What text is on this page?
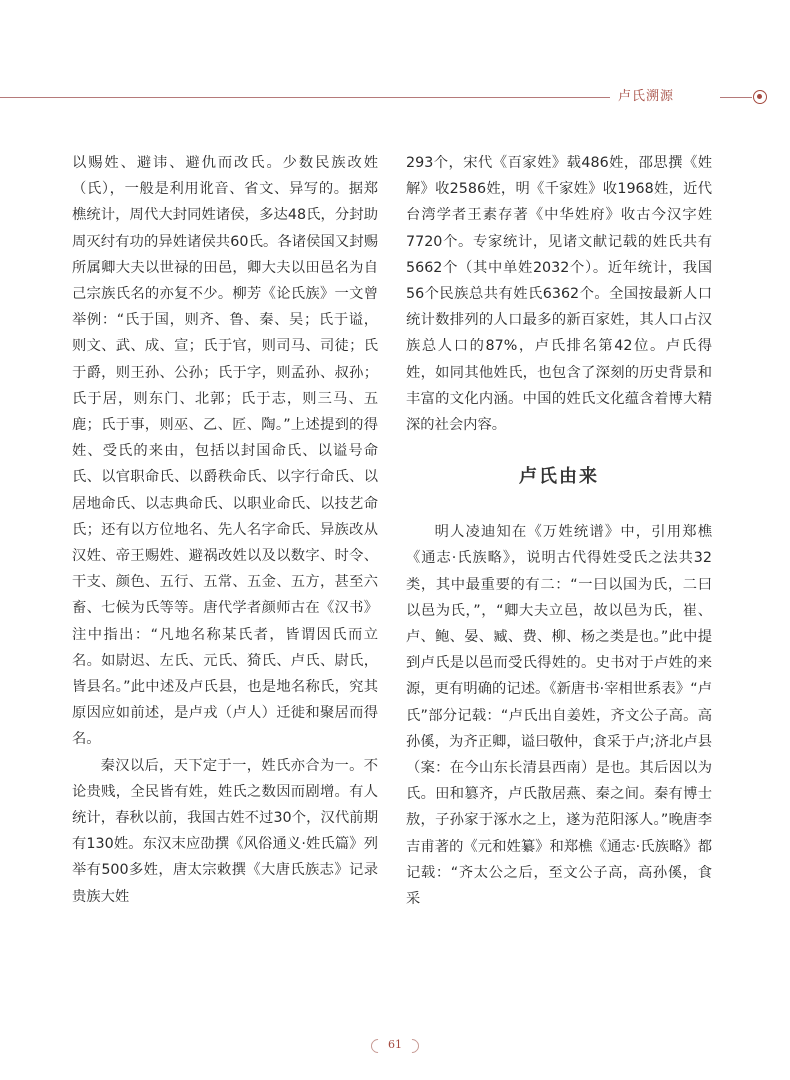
卢氏溯源

以赐姓、避讳、避仇而改氏。少数民族改姓（氏），一般是利用讹音、省文、异写的。据郑樵统计，周代大封同姓诸侯，多达48氏，分封助周灭纣有功的异姓诸侯共60氏。各诸侯国又封赐所属卿大夫以世禄的田邑，卿大夫以田邑名为自己宗族氏名的亦复不少。柳芳《论氏族》一文曾举例：“氏于国，则齐、鲁、秦、吴；氏于谥，则文、武、成、宣；氏于官，则司马、司徒；氏于爵，则王孙、公孙；氏于字，则孟孙、叔孙；氏于居，则东门、北郭；氏于志，则三马、五鹿；氏于事，则巫、乙、匠、陶。”上述提到的得姓、受氏的来由，包括以封国命氏、以谥号命氏、以官职命氏、以爵秩命氏、以字行命氏、以居地命氏、以志典命氏、以职业命氏、以技艺命氏；还有以方位地名、先人名字命氏、异族改从汉姓、帝王赐姓、避祸改姓以及以数字、时令、干支、颜色、五行、五常、五金、五方，甚至六畜、七候为氏等等。唐代学者颜师古在《汉书》注中指出：“凡地名称某氏者，皆谓因氏而立名。如尉迟、左氏、元氏、猗氏、卢氏、尉氏，皆县名。”此中述及卢氏县，也是地名称氏，究其原因应如前述，是卢戎（卢人）迁徙和聚居而得名。

秦汉以后，天下定于一，姓氏亦合为一。不论贵贱，全民皆有姓，姓氏之数因而剧增。有人统计，春秋以前，我国古姓不过30个，汉代前期有130姓。东汉末应劭撰《风俗通义·姓氏篇》列举有500多姓，唐太宗敕撰《大唐氏族志》记录贵族大姓

293个，宋代《百家姓》载486姓，邵思撰《姓解》收2586姓，明《千家姓》收1968姓，近代台湾学者王素存著《中华姓府》收古今汉字姓7720个。专家统计，见诸文献记载的姓氏共有5662个（其中单姓2032个）。近年统计，我国56个民族总共有姓氏6362个。全国按最新人口统计数排列的人口最多的新百家姓，其人口占汉族总人口的87%，卢氏排名第42位。卢氏得姓，如同其他姓氏，也包含了深刻的历史背景和丰富的文化内涵。中国的姓氏文化蕴含着博大精深的社会内容。

卢氏由来

明人凌迪知在《万姓统谱》中，引用郑樵《通志·氏族略》，说明古代得姓受氏之法共32类，其中最重要的有二：“一曰以国为氏，二曰以邑为氏，”，“卿大夫立邑，故以邑为氏，崔、卢、鲍、晏、臧、费、柳、杨之类是也。”此中提到卢氏是以邑而受氏得姓的。史书对于卢姓的来源，更有明确的记述。《新唐书·宰相世系表》“卢氏”部分记载：“卢氏出自姜姓，齐文公子高。高孙傒，为齐正卿，谥曰敬仲，食采于卢;济北卢县（案：在今山东长清县西南）是也。其后因以为氏。田和篡齐，卢氏散居燕、秦之间。秦有博士敖，子孙家于涿水之上，遂为范阳涿人。”晚唐李吉甫著的《元和姓纂》和郑樵《通志·氏族略》都记载：“齐太公之后，至文公子高，高孙傒，食采

61
